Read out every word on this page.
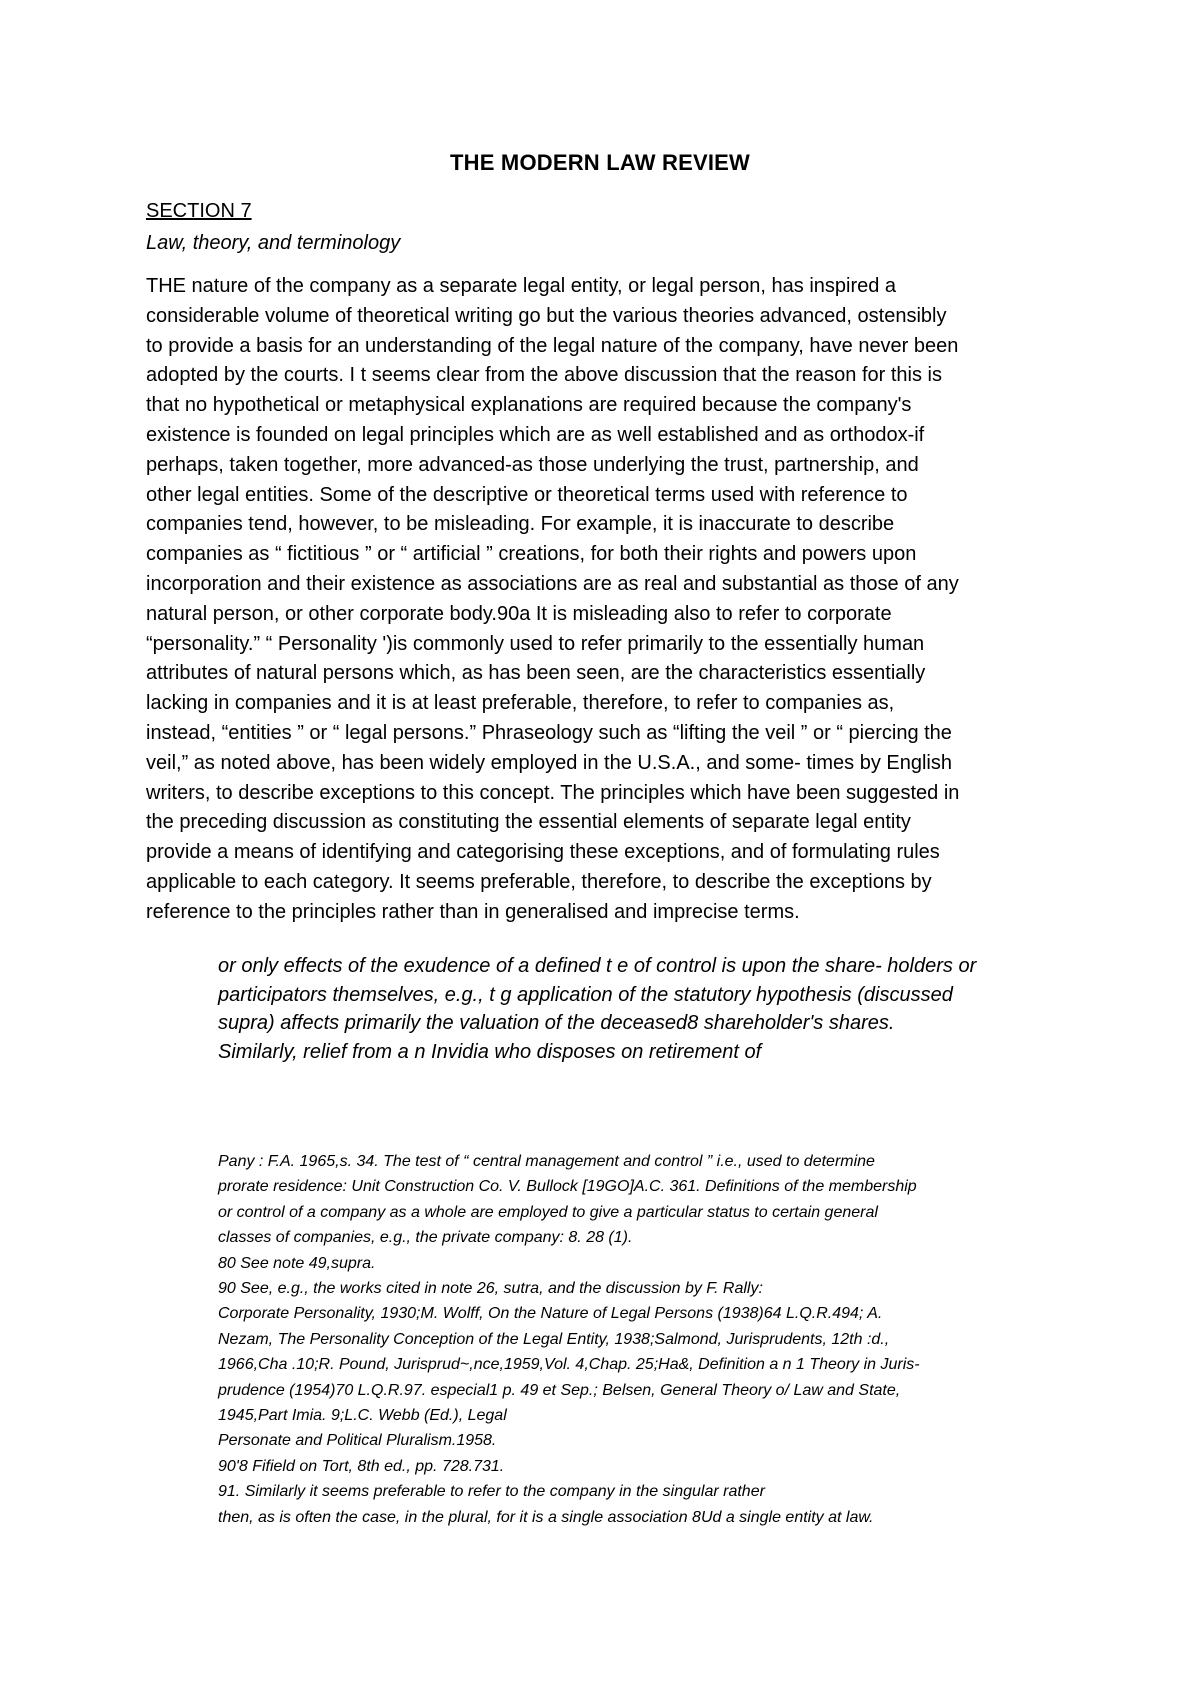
THE MODERN LAW REVIEW
SECTION 7
Law, theory, and terminology

THE nature of the company as a separate legal entity, or legal person, has inspired a
considerable volume of theoretical writing go but the various theories advanced, ostensibly
to provide a basis for an understanding of the legal nature of the company, have never been
adopted by the courts. I t seems clear from the above discussion that the reason for this is
that no hypothetical or metaphysical explanations are required because the company's
existence is founded on legal principles which are as well established and as orthodox-if
perhaps, taken together, more advanced-as those underlying the trust, partnership, and
other legal entities. Some of the descriptive or theoretical terms used with reference to
companies tend, however, to be misleading. For example, it is inaccurate to describe
companies as “ fictitious ” or “ artificial ” creations, for both their rights and powers upon
incorporation and their existence as associations are as real and substantial as those of any
natural person, or other corporate body.90a It is misleading also to refer to corporate
“personality.” “ Personality ')is commonly used to refer primarily to the essentially human
attributes of natural persons which, as has been seen, are the characteristics essentially
lacking in companies and it is at least preferable, therefore, to refer to companies as,
instead, “entities ” or “ legal persons.” Phraseology such as “lifting the veil ” or “ piercing the
veil,” as noted above, has been widely employed in the U.S.A., and some- times by English
writers, to describe exceptions to this concept. The principles which have been suggested in
the preceding discussion as constituting the essential elements of separate legal entity
provide a means of identifying and categorising these exceptions, and of formulating rules
applicable to each category. It seems preferable, therefore, to describe the exceptions by
reference to the principles rather than in generalised and imprecise terms.

or only effects of the exudence of a defined t e of control is upon the share- holders or
participators themselves, e.g., t g application of the statutory hypothesis (discussed
supra) affects primarily the valuation of the deceased8 shareholder's shares.
Similarly, relief from a n Invidia who disposes on retirement of

Pany : F.A. 1965,s. 34. The test of “ central management and control ” i.e., used to determine
prorate residence: Unit Construction Co. V. Bullock [19GO]A.C. 361. Definitions of the membership
or control of a company as a whole are employed to give a particular status to certain general
classes of companies, e.g., the private company: 8. 28 (1).
80 See note 49,supra.
90 See, e.g., the works cited in note 26, sutra, and the discussion by F. Rally:
Corporate Personality, 1930;M. Wolff, On the Nature of Legal Persons (1938)64 L.Q.R.494; A.
Nezam, The Personality Conception of the Legal Entity, 1938;Salmond, Jurisprudents, 12th :d.,
1966,Cha .10;R. Pound, Jurisprud~,nce,1959,Vol. 4,Chap. 25;Ha&, Definition a n 1 Theory in Juris-
prudence (1954)70 L.Q.R.97. especial1 p. 49 et Sep.; Belsen, General Theory o/ Law and State,
1945,Part Imia. 9;L.C. Webb (Ed.), Legal
Personate and Political Pluralism.1958.
90'8 Fifield on Tort, 8th ed., pp. 728.731.
91. Similarly it seems preferable to refer to the company in the singular rather
then, as is often the case, in the plural, for it is a single association 8Ud a single entity at law.
